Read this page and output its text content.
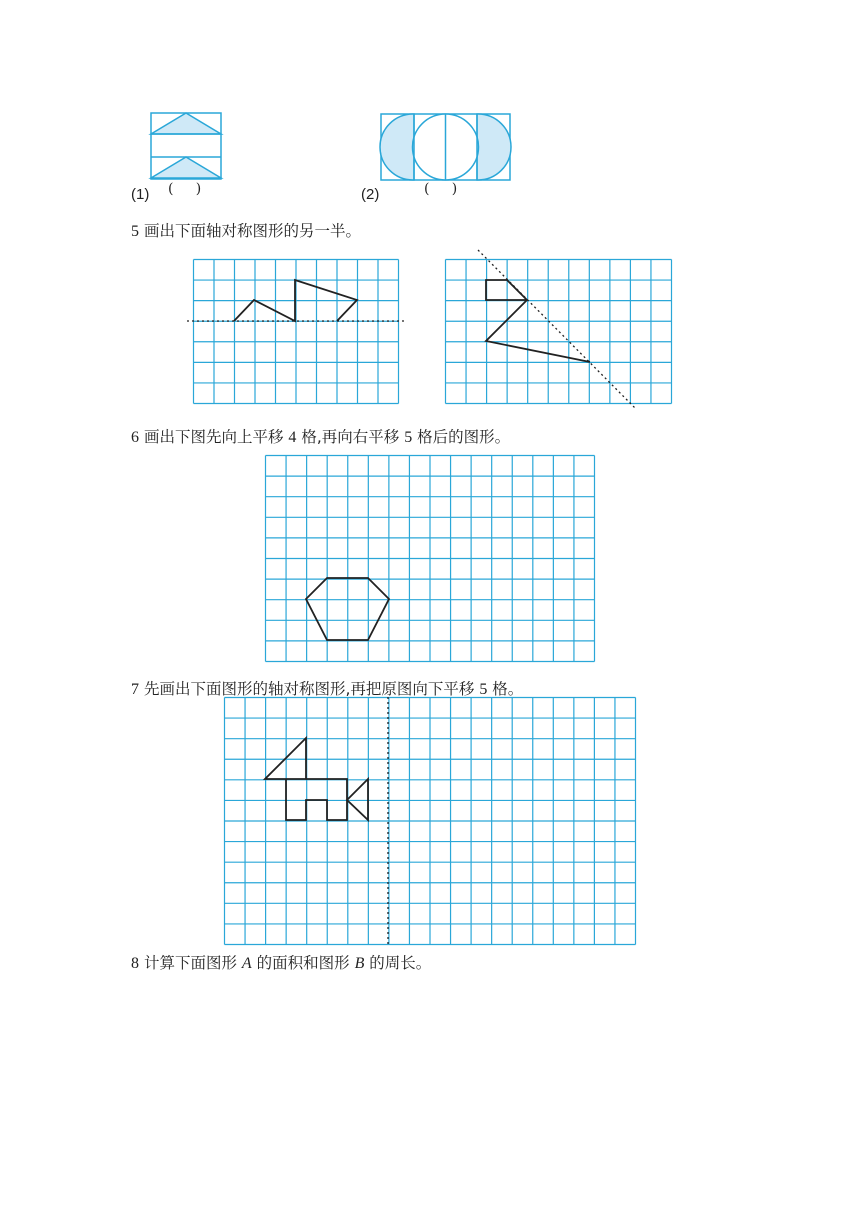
(1) (     )	(2)	(     )
5 画出下面轴对称图形的另一半。
6 画出下图先向上平移 4 格,再向右平移 5 格后的图形。
7 先画出下面图形的轴对称图形,再把原图向下平移 5 格。
8 计算下面图形 A 的面积和图形 B 的周长。
